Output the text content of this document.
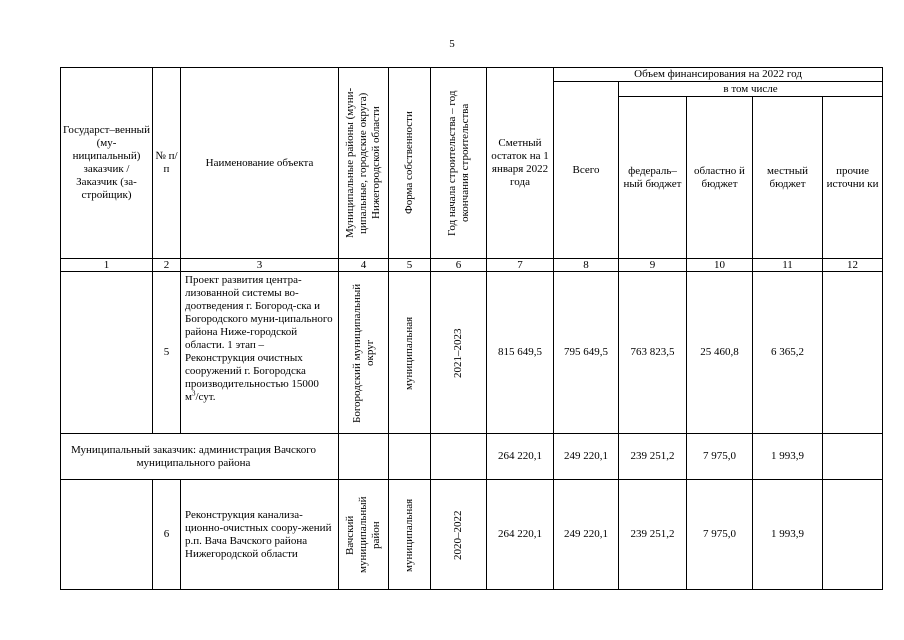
5
Государст–венный (му-ниципальный) заказчик / Заказчик (за-стройщик)	№ п/п	Наименование объекта	Муниципальные районы (муни-ципальные, городские округа) Нижегородской области	Форма собственности	Год начала строительства – год окончания строительства	Сметный остаток на 1 января 2022 года	Объем финансирования на 2022 год				
							Всего	в том числе			
								федераль–ный бюджет	областно й бюджет	местный бюджет	прочие источни ки
1	2	3	4	5	6	7	8	9	10	11	12
	5	Проект развития центра-лизованной системы во-доотведения г. Богород-ска и Богородского муни-ципального района Ниже-городской области. 1 этап – Реконструкция очистных сооружений г. Богородска производительностью 15000 $м^3$/сут.	Богородский муниципальный округ	муниципальная	2021–2023	815 649,5	795 649,5	763 823,5	25 460,8	6 365,2	
Муниципальный заказчик: администрация Вачского муниципального района						264 220,1	249 220,1	239 251,2	7 975,0	1 993,9	
	6	Реконструкция канализа-ционно-очистных соору-жений р.п. Вача Вачского района Нижегородской области	Вачский муниципальный район	муниципальная	2020–2022	264 220,1	249 220,1	239 251,2	7 975,0	1 993,9	
